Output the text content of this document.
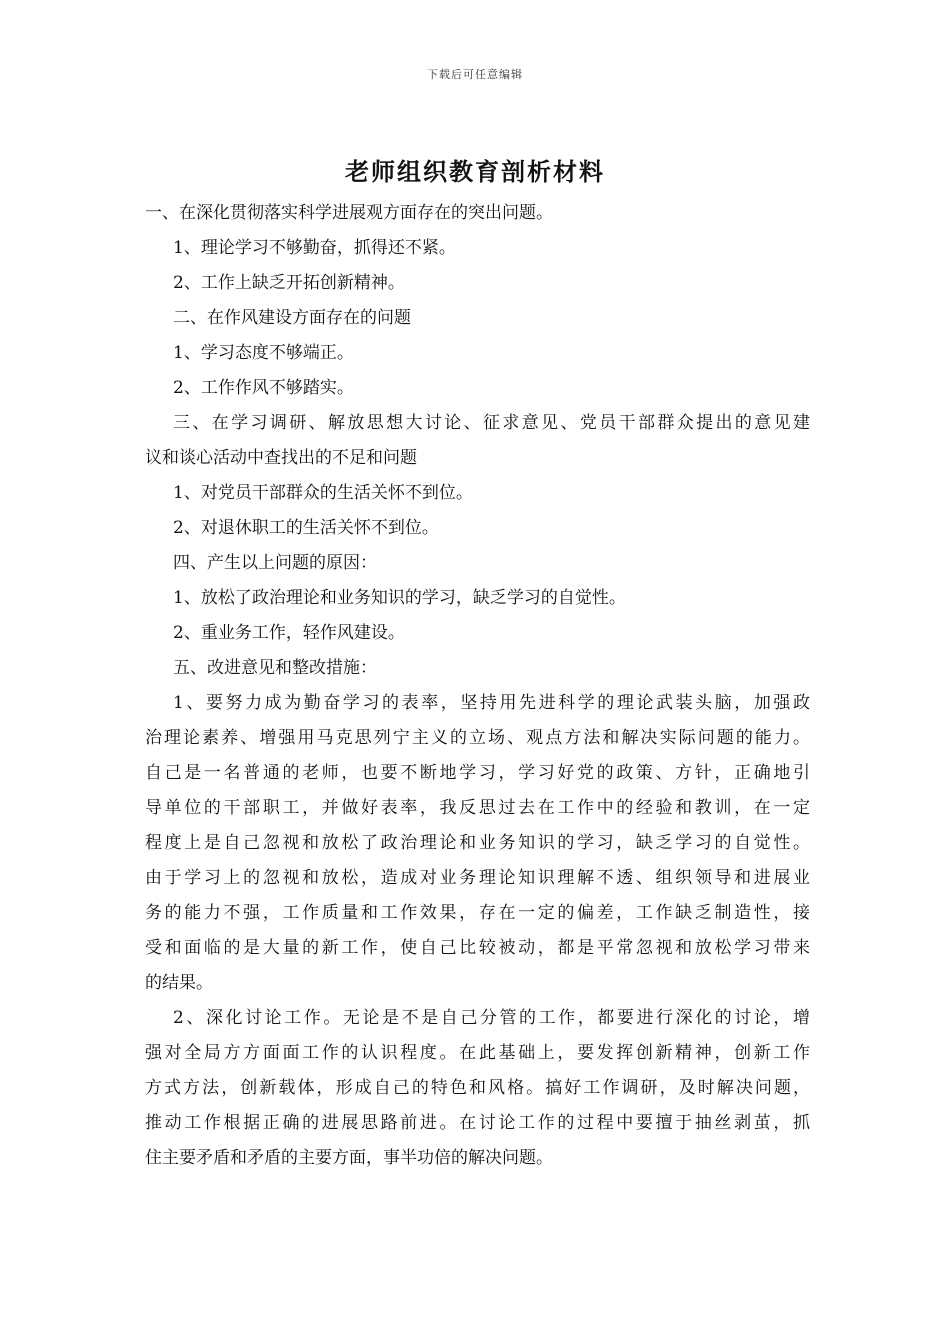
下载后可任意编辑
老师组织教育剖析材料
一、在深化贯彻落实科学进展观方面存在的突出问题。
1、理论学习不够勤奋，抓得还不紧。
2、工作上缺乏开拓创新精神。
二、在作风建设方面存在的问题
1、学习态度不够端正。
2、工作作风不够踏实。
三、在学习调研、解放思想大讨论、征求意见、党员干部群众提出的意见建
议和谈心活动中查找出的不足和问题
1、对党员干部群众的生活关怀不到位。
2、对退休职工的生活关怀不到位。
四、产生以上问题的原因：
1、放松了政治理论和业务知识的学习，缺乏学习的自觉性。
2、重业务工作，轻作风建设。
五、改进意见和整改措施：
1、要努力成为勤奋学习的表率，坚持用先进科学的理论武装头脑，加强政
治理论素养、增强用马克思列宁主义的立场、观点方法和解决实际问题的能力。
自己是一名普通的老师，也要不断地学习，学习好党的政策、方针，正确地引
导单位的干部职工，并做好表率，我反思过去在工作中的经验和教训，在一定
程度上是自己忽视和放松了政治理论和业务知识的学习，缺乏学习的自觉性。
由于学习上的忽视和放松，造成对业务理论知识理解不透、组织领导和进展业
务的能力不强，工作质量和工作效果，存在一定的偏差，工作缺乏制造性，接
受和面临的是大量的新工作，使自己比较被动，都是平常忽视和放松学习带来
的结果。
2、深化讨论工作。无论是不是自己分管的工作，都要进行深化的讨论，增
强对全局方方面面工作的认识程度。在此基础上，要发挥创新精神，创新工作
方式方法，创新载体，形成自己的特色和风格。搞好工作调研，及时解决问题，
推动工作根据正确的进展思路前进。在讨论工作的过程中要擅于抽丝剥茧，抓
住主要矛盾和矛盾的主要方面，事半功倍的解决问题。
